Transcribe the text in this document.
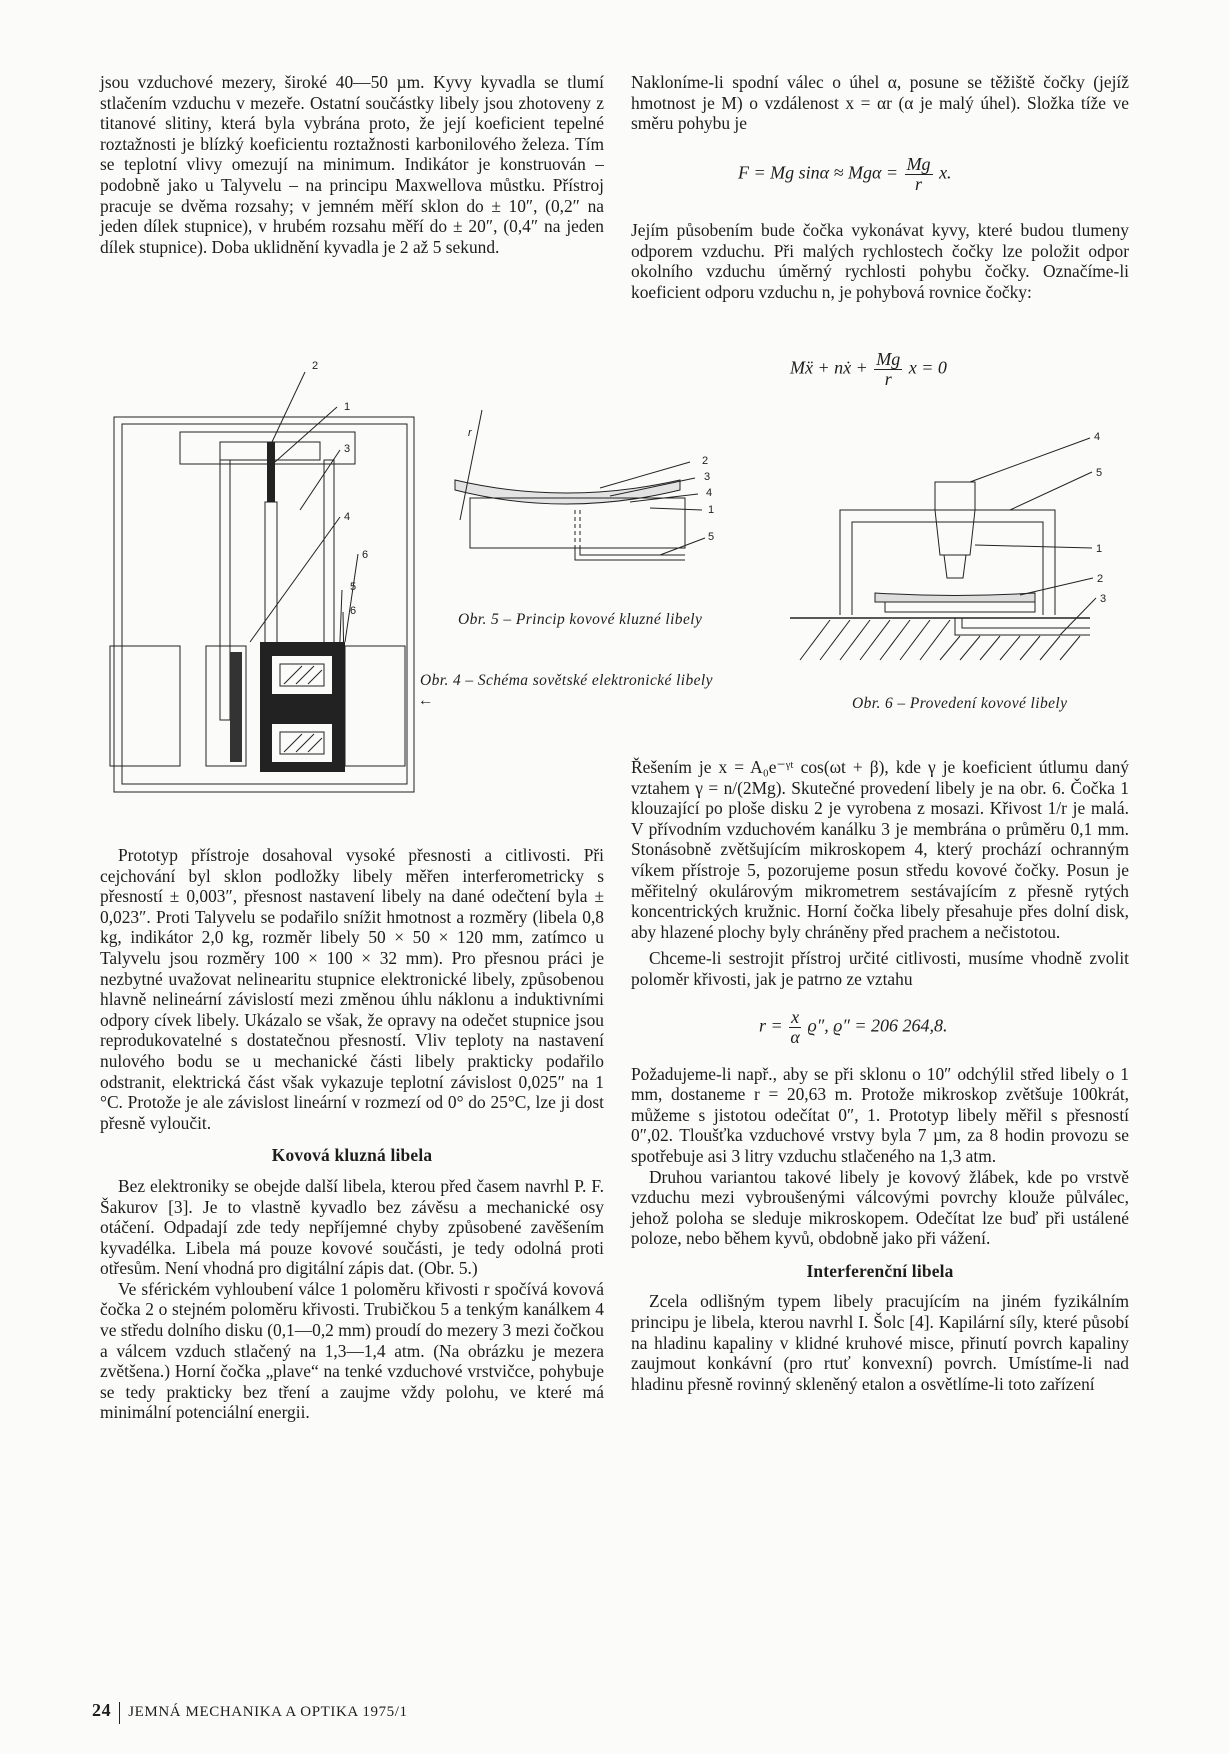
jsou vzduchové mezery, široké 40—50 µm. Kyvy kyvadla se tlumí stlačením vzduchu v mezeře. Ostatní součástky libely jsou zhotoveny z titanové slitiny, která byla vybrána proto, že její koeficient tepelné roztažnosti je blízký koeficientu roztažnosti karbonilového železa. Tím se teplotní vlivy omezují na minimum. Indikátor je konstruován – podobně jako u Talyvelu – na principu Maxwellova můstku. Přístroj pracuje se dvěma rozsahy; v jemném měří sklon do ± 10″, (0,2″ na jeden dílek stupnice), v hrubém rozsahu měří do ± 20″, (0,4″ na jeden dílek stupnice). Doba uklidnění kyvadla je 2 až 5 sekund.

Nakloníme-li spodní válec o úhel α, posune se těžiště čočky (jejíž hmotnost je M) o vzdálenost x = αr (α je malý úhel). Složka tíže ve směru pohybu je

F = Mg $\sin\alpha \approx Mg\alpha = \frac{Mg}{r} x$.

Jejím působením bude čočka vykonávat kyvy, které budou tlumeny odporem vzduchu. Při malých rychlostech čočky lze položit odpor okolního vzduchu úměrný rychlosti pohybu čočky. Označíme-li koeficient odporu vzduchu n, je pohybová rovnice čočky:

Mẍ + nẋ + $\frac{Mg}{r}$ x = 0
2
1
3
4
6
5
6
r
2
3
4
1
5
4
5
1
2
3
Obr. 5 – Princip kovové kluzné libely
Obr. 4 – Schéma sovětské elektronické libely
←	Obr. 6 – Provedení kovové libely

Prototyp přístroje dosahoval vysoké přesnosti a citlivosti. Při cejchování byl sklon podložky libely měřen interferometricky s přesností ± 0,003″, přesnost nastavení libely na dané odečtení byla ± 0,023″. Proti Talyvelu se podařilo snížit hmotnost a rozměry (libela 0,8 kg, indikátor 2,0 kg, rozměr libely 50 × 50 × 120 mm, zatímco u Talyvelu jsou rozměry 100 × 100 × 32 mm). Pro přesnou práci je nezbytné uvažovat nelinearitu stupnice elektronické libely, způsobenou hlavně nelineární závislostí mezi změnou úhlu náklonu a induktivními odpory cívek libely. Ukázalo se však, že opravy na odečet stupnice jsou reprodukovatelné s dostatečnou přesností. Vliv teploty na nastavení nulového bodu se u mechanické části libely prakticky podařilo odstranit, elektrická část však vykazuje teplotní závislost 0,025″ na 1 °C. Protože je ale závislost lineární v rozmezí od 0° do 25°C, lze ji dost přesně vyloučit.

Kovová kluzná libela

Bez elektroniky se obejde další libela, kterou před časem navrhl P. F. Šakurov [3]. Je to vlastně kyvadlo bez závěsu a mechanické osy otáčení. Odpadají zde tedy nepříjemné chyby způsobené zavěšením kyvadélka. Libela má pouze kovové součásti, je tedy odolná proti otřesům. Není vhodná pro digitální zápis dat. (Obr. 5.)

Ve sférickém vyhloubení válce 1 poloměru křivosti r spočívá kovová čočka 2 o stejném poloměru křivosti. Trubičkou 5 a tenkým kanálkem 4 ve středu dolního disku (0,1—0,2 mm) proudí do mezery 3 mezi čočkou a válcem vzduch stlačený na 1,3—1,4 atm. (Na obrázku je mezera zvětšena.) Horní čočka „plave“ na tenké vzduchové vrstvičce, pohybuje se tedy prakticky bez tření a zaujme vždy polohu, ve které má minimální potenciální energii.

Řešením je x = A₀e⁻ᵞᵗ cos(ωt + β), kde γ je koeficient útlumu daný vztahem γ = n/(2Mg). Skutečné provedení libely je na obr. 6. Čočka 1 klouzající po ploše disku 2 je vyrobena z mosazi. Křivost 1/r je malá. V přívodním vzduchovém kanálku 3 je membrána o průměru 0,1 mm. Stonásobně zvětšujícím mikroskopem 4, který prochází ochranným víkem přístroje 5, pozorujeme posun středu kovové čočky. Posun je měřitelný okulárovým mikrometrem sestávajícím z přesně rytých koncentrických kružnic. Horní čočka libely přesahuje přes dolní disk, aby hlazené plochy byly chráněny před prachem a nečistotou.

Chceme-li sestrojit přístroj určité citlivosti, musíme vhodně zvolit poloměr křivosti, jak je patrno ze vztahu

$r = \frac{x}{\alpha} ϱ''$, ϱ″ = 206 264,8.

Požadujeme-li např., aby se při sklonu o 10″ odchýlil střed libely o 1 mm, dostaneme r = 20,63 m. Protože mikroskop zvětšuje 100krát, můžeme s jistotou odečítat 0″, 1. Prototyp libely měřil s přesností 0″,02. Tloušťka vzduchové vrstvy byla 7 µm, za 8 hodin provozu se spotřebuje asi 3 litry vzduchu stlačeného na 1,3 atm.

Druhou variantou takové libely je kovový žlábek, kde po vrstvě vzduchu mezi vybroušenými válcovými povrchy klouže půlválec, jehož poloha se sleduje mikroskopem. Odečítat lze buď při ustálené poloze, nebo během kyvů, obdobně jako při vážení.

Interferenční libela

Zcela odlišným typem libely pracujícím na jiném fyzikálním principu je libela, kterou navrhl I. Šolc [4]. Kapilární síly, které působí na hladinu kapaliny v klidné kruhové misce, přinutí povrch kapaliny zaujmout konkávní (pro rtuť konvexní) povrch. Umístíme-li nad hladinu přesně rovinný skleněný etalon a osvětlíme-li toto zařízení

24 JEMNÁ MECHANIKA A OPTIKA 1975/1
